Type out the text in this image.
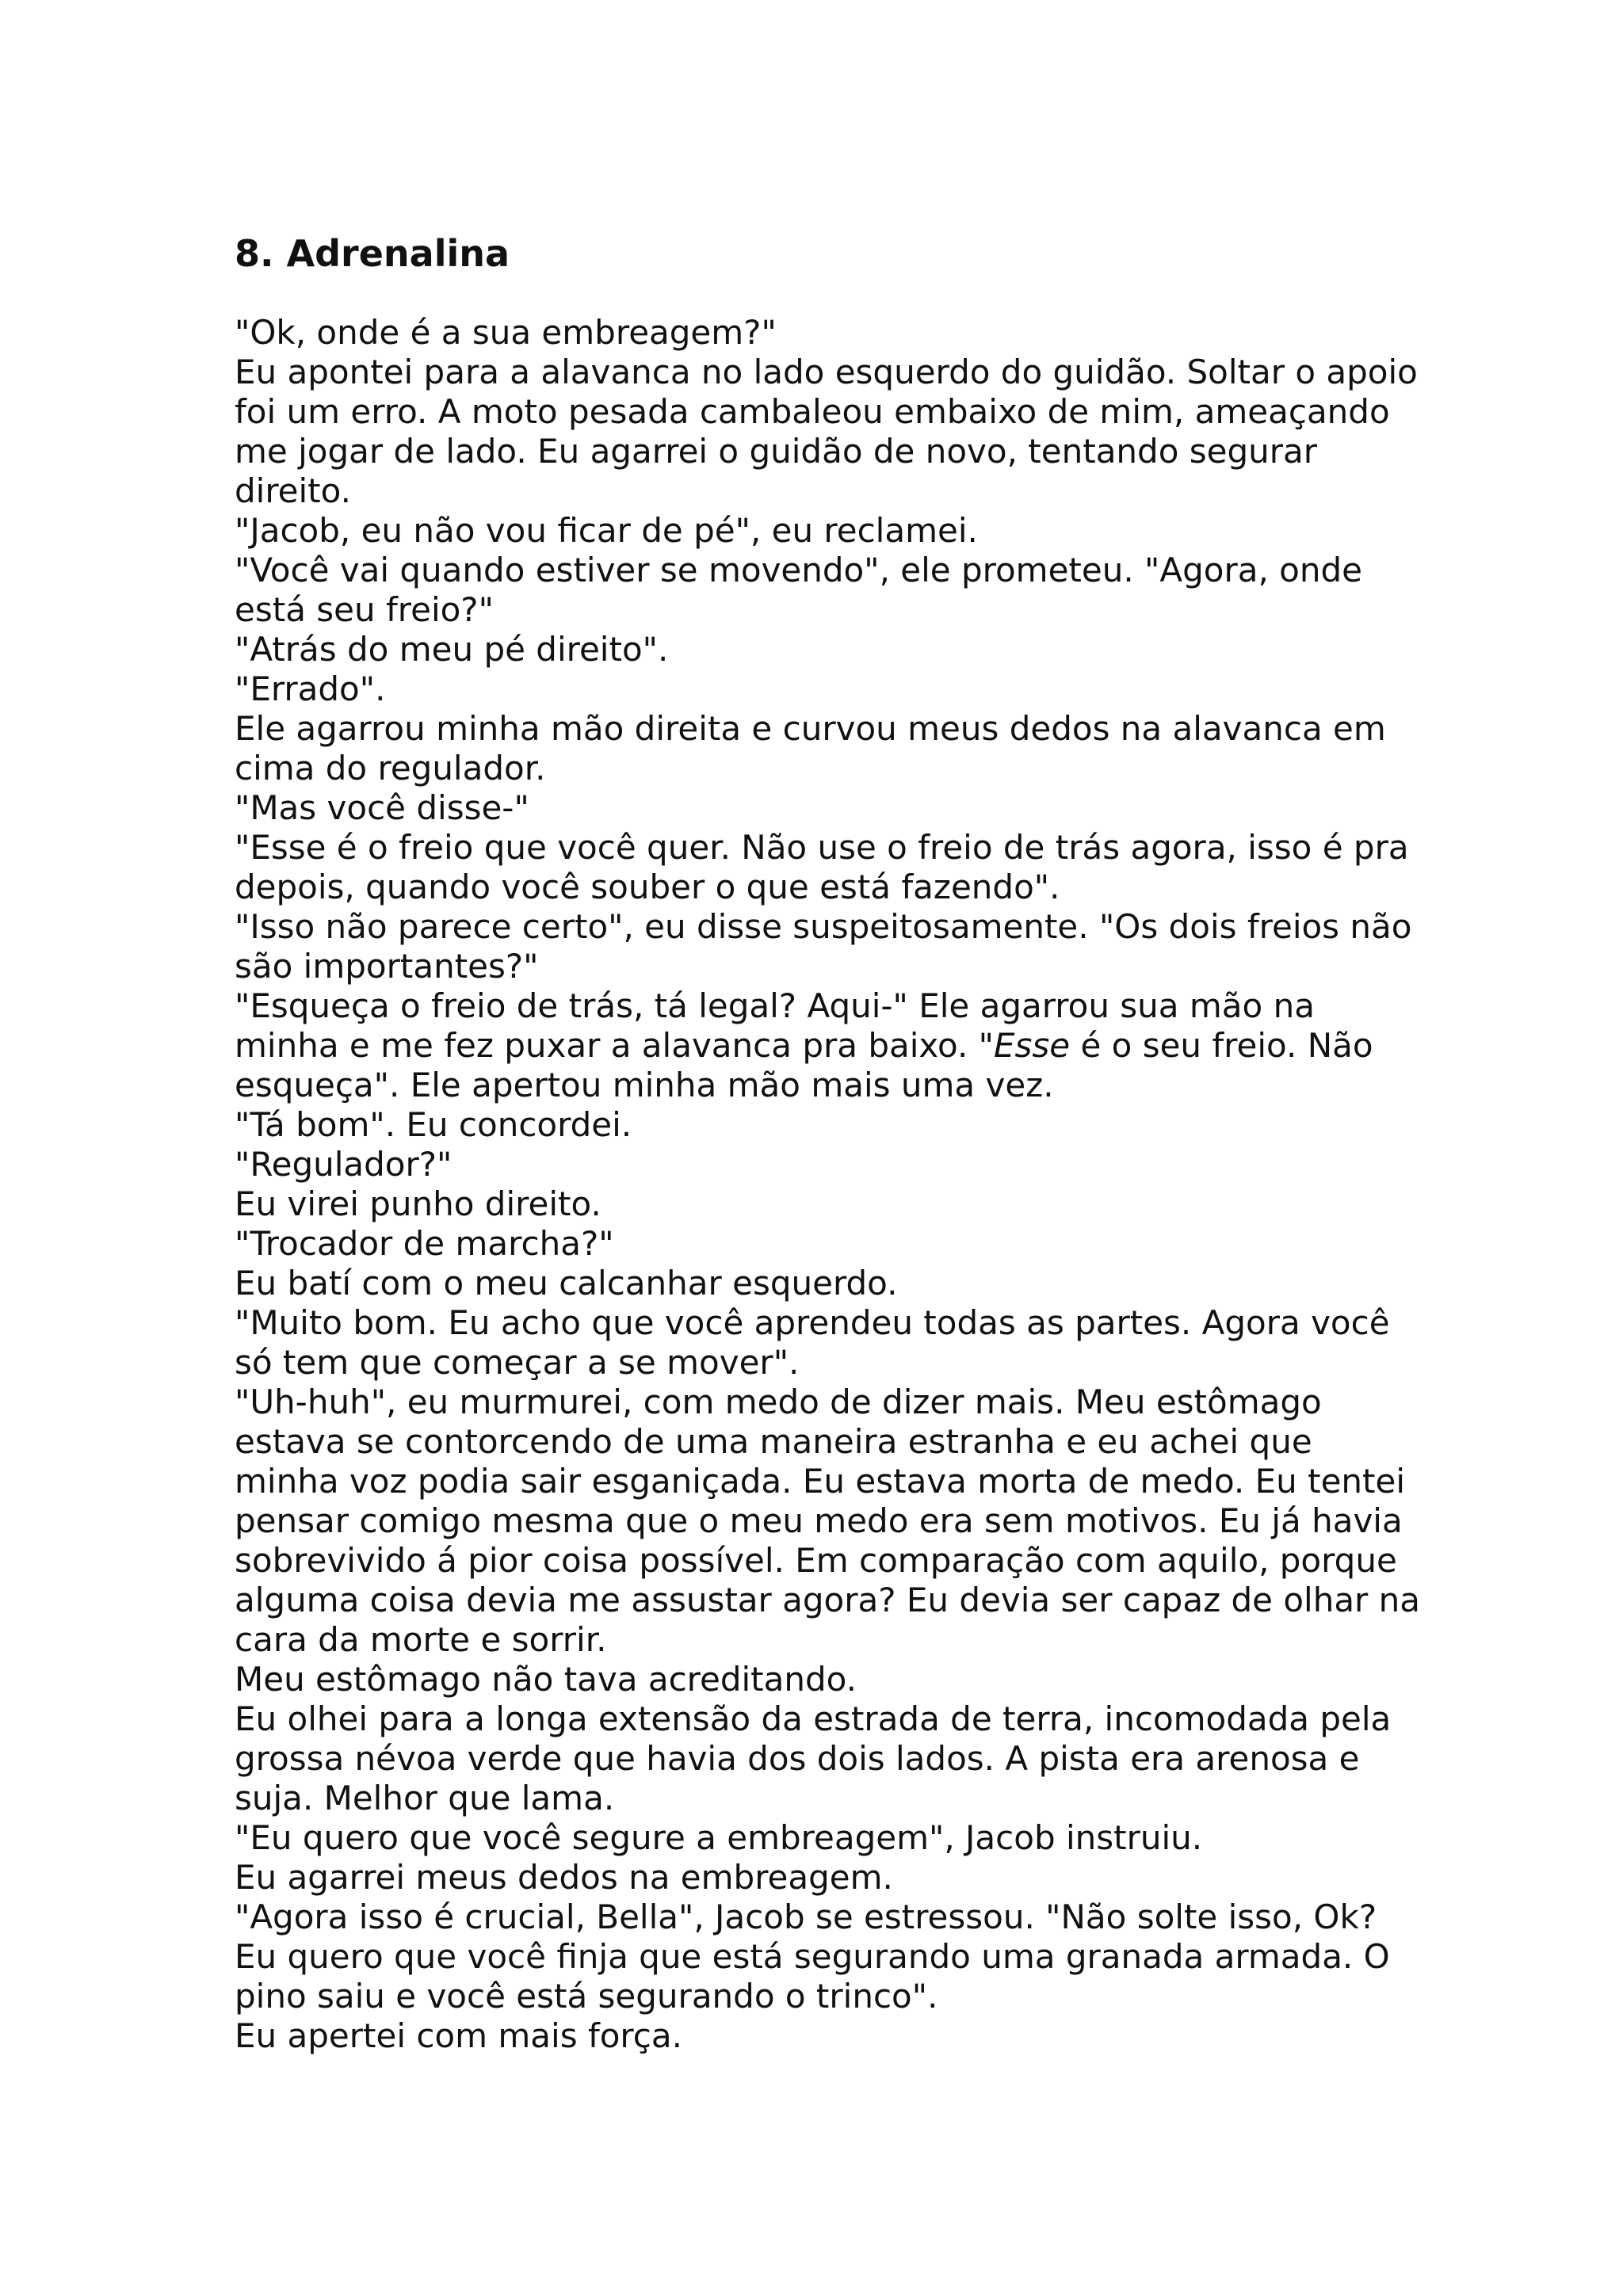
8. Adrenalina

"Ok, onde é a sua embreagem?"

Eu apontei para a alavanca no lado esquerdo do guidão. Soltar o apoio foi um erro. A moto pesada cambaleou embaixo de mim, ameaçando me jogar de lado. Eu agarrei o guidão de novo, tentando segurar direito.

"Jacob, eu não vou ficar de pé", eu reclamei.

"Você vai quando estiver se movendo", ele prometeu. "Agora, onde está seu freio?"

"Atrás do meu pé direito".

"Errado".

Ele agarrou minha mão direita e curvou meus dedos na alavanca em cima do regulador.

"Mas você disse-"

"Esse é o freio que você quer. Não use o freio de trás agora, isso é pra depois, quando você souber o que está fazendo".

"Isso não parece certo", eu disse suspeitosamente. "Os dois freios não são importantes?"

"Esqueça o freio de trás, tá legal? Aqui-" Ele agarrou sua mão na minha e me fez puxar a alavanca pra baixo. "Esse é o seu freio. Não esqueça". Ele apertou minha mão mais uma vez.

"Tá bom". Eu concordei.

"Regulador?"

Eu virei punho direito.

"Trocador de marcha?"

Eu batí com o meu calcanhar esquerdo.

"Muito bom. Eu acho que você aprendeu todas as partes. Agora você só tem que começar a se mover".

"Uh-huh", eu murmurei, com medo de dizer mais. Meu estômago estava se contorcendo de uma maneira estranha e eu achei que minha voz podia sair esganiçada. Eu estava morta de medo. Eu tentei pensar comigo mesma que o meu medo era sem motivos. Eu já havia sobrevivido á pior coisa possível. Em comparação com aquilo, porque alguma coisa devia me assustar agora? Eu devia ser capaz de olhar na cara da morte e sorrir.

Meu estômago não tava acreditando.

Eu olhei para a longa extensão da estrada de terra, incomodada pela grossa névoa verde que havia dos dois lados. A pista era arenosa e suja. Melhor que lama.

"Eu quero que você segure a embreagem", Jacob instruiu.

Eu agarrei meus dedos na embreagem.

"Agora isso é crucial, Bella", Jacob se estressou. "Não solte isso, Ok? Eu quero que você finja que está segurando uma granada armada. O pino saiu e você está segurando o trinco".

Eu apertei com mais força.
